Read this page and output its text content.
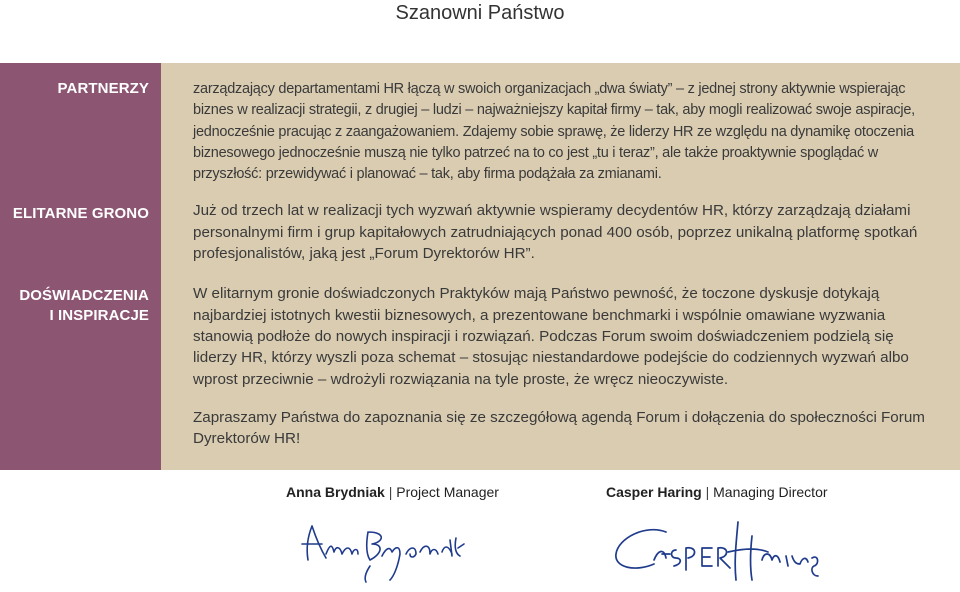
Szanowni Państwo
PARTNERZY
ELITARNE GRONO
DOŚWIADCZENIA
I INSPIRACJE

zarządzający departamentami HR łączą w swoich organizacjach „dwa światy” – z jednej strony aktywnie wspierając biznes w realizacji strategii, z drugiej – ludzi – najważniejszy kapitał firmy – tak, aby mogli realizować swoje aspiracje, jednocześnie pracując z zaangażowaniem. Zdajemy sobie sprawę, że liderzy HR ze względu na dynamikę otoczenia biznesowego jednocześnie muszą nie tylko patrzeć na to co jest „tu i teraz”, ale także proaktywnie spoglądać w przyszłość: przewidywać i planować – tak, aby firma podążała za zmianami.

Już od trzech lat w realizacji tych wyzwań aktywnie wspieramy decydentów HR, którzy zarządzają działami personalnymi firm i grup kapitałowych zatrudniających ponad 400 osób, poprzez unikalną platformę spotkań profesjonalistów, jaką jest „Forum Dyrektorów HR”.

W elitarnym gronie doświadczonych Praktyków mają Państwo pewność, że toczone dyskusje dotykają najbardziej istotnych kwestii biznesowych, a prezentowane benchmarki i wspólnie omawiane wyzwania stanowią podłoże do nowych inspiracji i rozwiązań. Podczas Forum swoim doświadczeniem podzielą się liderzy HR, którzy wyszli poza schemat – stosując niestandardowe podejście do codziennych wyzwań albo wprost przeciwnie – wdrożyli rozwiązania na tyle proste, że wręcz nieoczywiste.

Zapraszamy Państwa do zapoznania się ze szczegółową agendą Forum i dołączenia do społeczności Forum Dyrektorów HR!

Anna Brydniak | Project Manager	Casper Haring | Managing Director
